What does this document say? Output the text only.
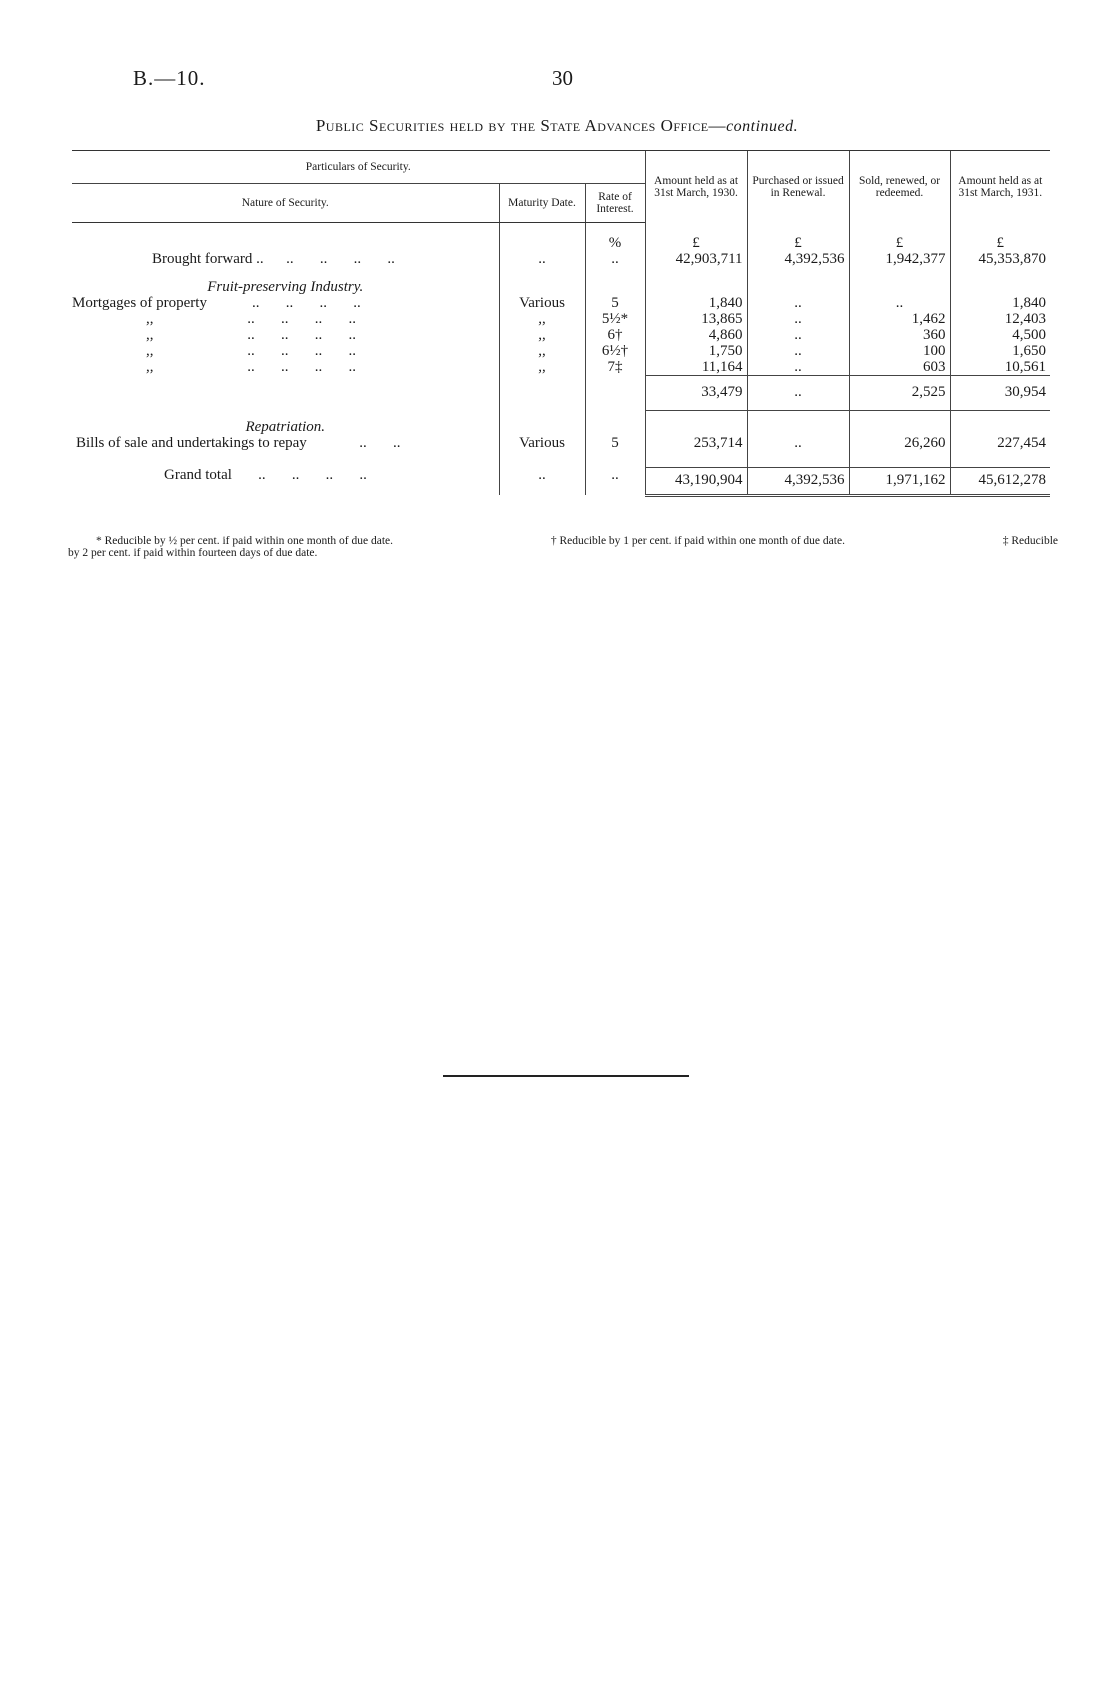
B.—10.	30
Public Securities held by the State Advances Office—continued.
Particulars of Security.			Amount held as at 31st March, 1930.	Purchased or issued in Renewal.	Sold, renewed, or redeemed.	Amount held as at 31st March, 1931.
Nature of Security.	Maturity Date.	Rate of Interest.				
		%	£	£	£	£
Brought forward ..      ..       ..       ..       ..	..	..	42,903,711	4,392,536	1,942,377	45,353,870
Fruit-preserving Industry.						
Mortgages of property            ..       ..       ..       ..	Various	5	1,840	..	..	1,840
,,                         ..       ..       ..       ..	,,	5½*	13,865	..	1,462	12,403
,,                         ..       ..       ..       ..	,,	6†	4,860	..	360	4,500
,,                         ..       ..       ..       ..	,,	6½†	1,750	..	100	1,650
,,                         ..       ..       ..       ..	,,	7‡	11,164	..	603	10,561
			33,479	..	2,525	30,954
Repatriation.						
Bills of sale and undertakings to repay              ..       ..	Various	5	253,714	..	26,260	227,454

Grand total       ..       ..       ..       ..	..	..	43,190,904	4,392,536	1,971,162	45,612,278
* Reducible by ½ per cent. if paid within one month of due date.	† Reducible by 1 per cent. if paid within one month of due date.	‡ Reducible
by 2 per cent. if paid within fourteen days of due date.
